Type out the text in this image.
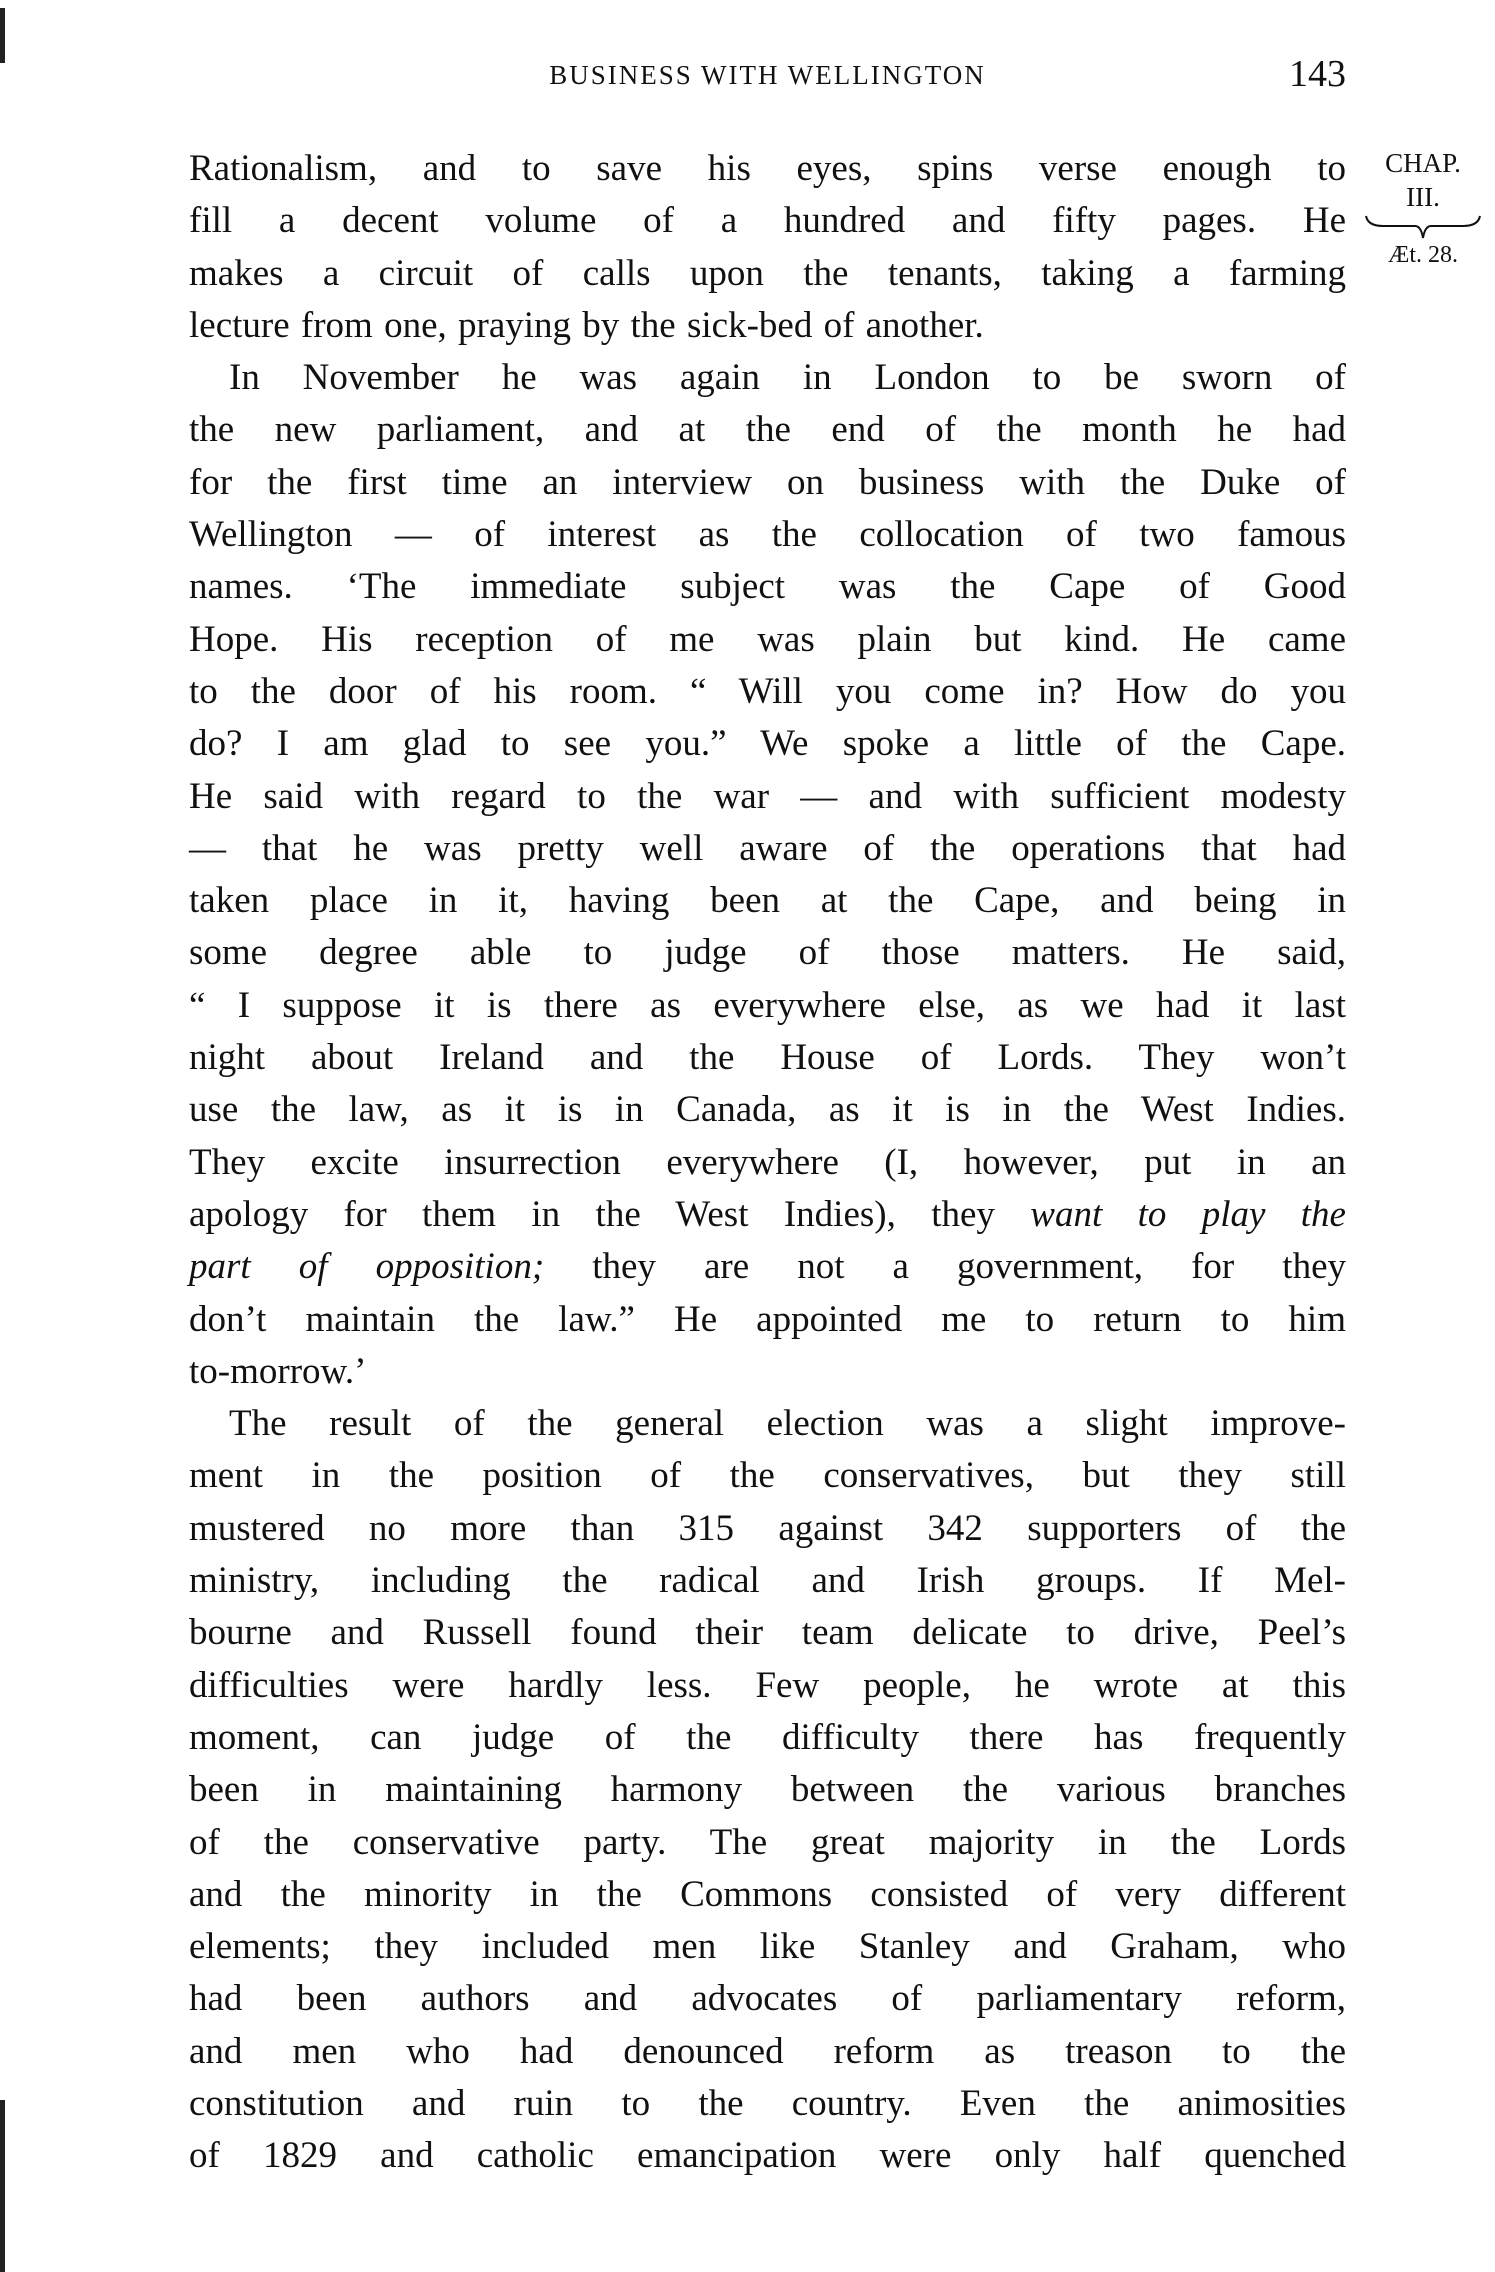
BUSINESS WITH WELLINGTON	143
CHAP.
III.
Æt. 28.
Rationalism, and to save his eyes, spins verse enough to
fill a decent volume of a hundred and fifty pages. He
makes a circuit of calls upon the tenants, taking a farming
lecture from one, praying by the sick-bed of another.
In November he was again in London to be sworn of
the new parliament, and at the end of the month he had
for the first time an interview on business with the Duke of
Wellington — of interest as the collocation of two famous
names. ‘The immediate subject was the Cape of Good
Hope. His reception of me was plain but kind. He came
to the door of his room. “ Will you come in? How do you
do? I am glad to see you.” We spoke a little of the Cape.
He said with regard to the war — and with sufficient modesty
— that he was pretty well aware of the operations that had
taken place in it, having been at the Cape, and being in
some degree able to judge of those matters. He said,
“ I suppose it is there as everywhere else, as we had it last
night about Ireland and the House of Lords. They won’t
use the law, as it is in Canada, as it is in the West Indies.
They excite insurrection everywhere (I, however, put in an
apology for them in the West Indies), they want to play the
part of opposition; they are not a government, for they
don’t maintain the law.” He appointed me to return to him
to-morrow.’
The result of the general election was a slight improve-
ment in the position of the conservatives, but they still
mustered no more than 315 against 342 supporters of the
ministry, including the radical and Irish groups. If Mel-
bourne and Russell found their team delicate to drive, Peel’s
difficulties were hardly less. Few people, he wrote at this
moment, can judge of the difficulty there has frequently
been in maintaining harmony between the various branches
of the conservative party. The great majority in the Lords
and the minority in the Commons consisted of very different
elements; they included men like Stanley and Graham, who
had been authors and advocates of parliamentary reform,
and men who had denounced reform as treason to the
constitution and ruin to the country. Even the animosities
of 1829 and catholic emancipation were only half quenched
